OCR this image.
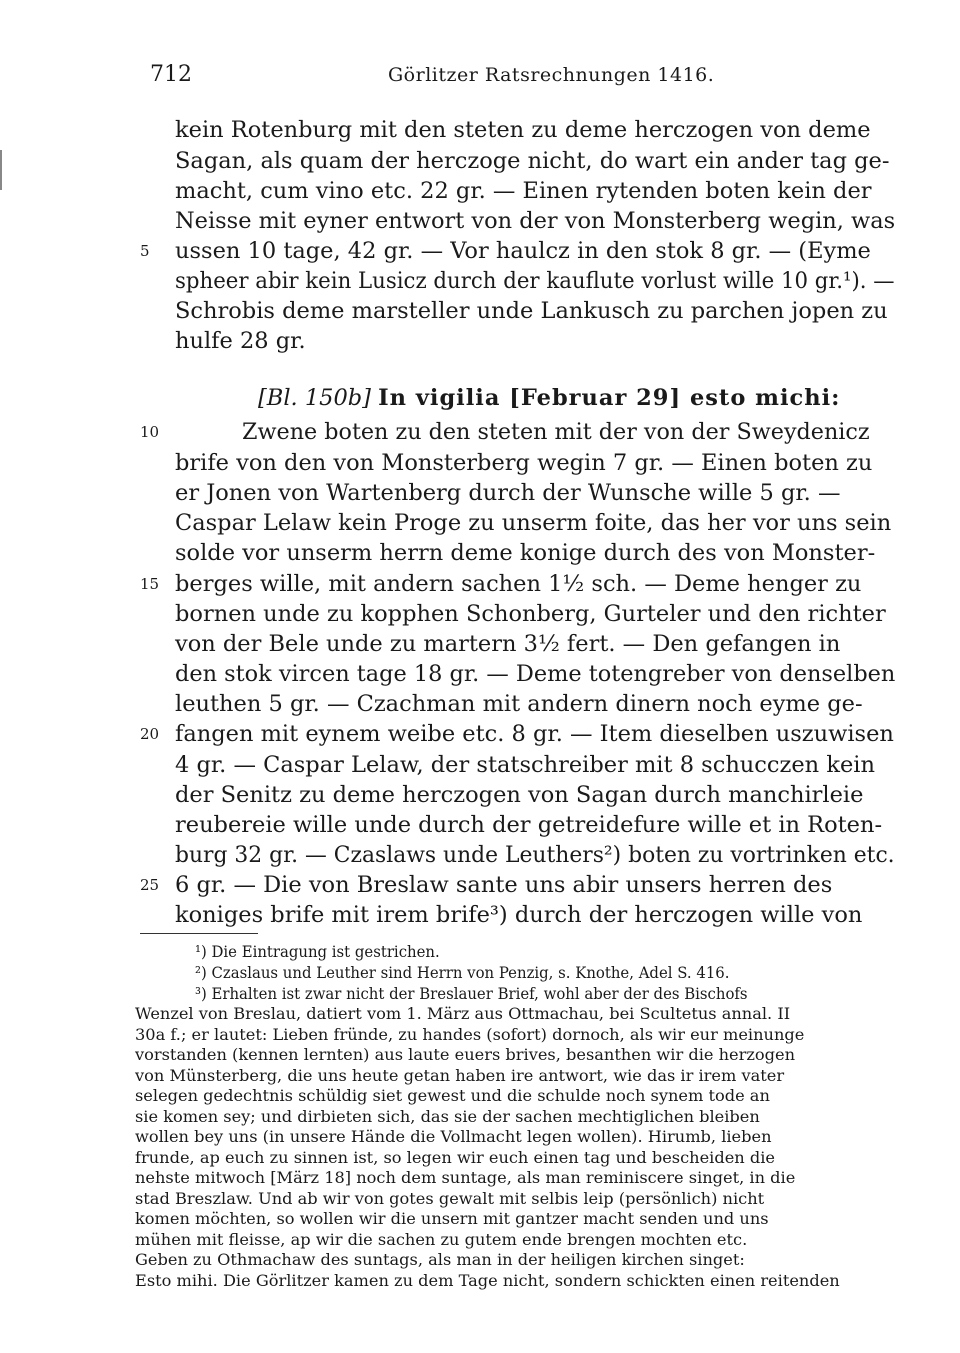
712	Görlitzer Ratsrechnungen 1416.
kein Rotenburg mit den steten zu deme herczogen von deme
Sagan, als quam der herczoge nicht, do wart ein ander tag ge-
macht, cum vino etc. 22 gr. — Einen rytenden boten kein der
Neisse mit eyner entwort von der von Monsterberg wegin, was
5	ussen 10 tage, 42 gr. — Vor haulcz in den stok 8 gr. — (Eyme
spheer abir kein Lusicz durch der kauflute vorlust wille 10 gr.¹). —
Schrobis deme marsteller unde Lankusch zu parchen jopen zu
hulfe 28 gr.
[Bl. 150b] In vigilia [Februar 29] esto michi:
10	Zwene boten zu den steten mit der von der Sweydenicz
brife von den von Monsterberg wegin 7 gr. — Einen boten zu
er Jonen von Wartenberg durch der Wunsche wille 5 gr. —
Caspar Lelaw kein Proge zu unserm foite, das her vor uns sein
solde vor unserm herrn deme konige durch des von Monster-
15 berges wille, mit andern sachen 1½ sch. — Deme henger zu
bornen unde zu kopphen Schonberg, Gurteler und den richter
von der Bele unde zu martern 3½ fert. — Den gefangen in
den stok vircen tage 18 gr. — Deme totengreber von denselben
leuthen 5 gr. — Czachman mit andern dinern noch eyme ge-
20 fangen mit eynem weibe etc. 8 gr. — Item dieselben uszuwisen
4 gr. — Caspar Lelaw, der statschreiber mit 8 schucczen kein
der Senitz zu deme herczogen von Sagan durch manchirleie
reubereie wille unde durch der getreidefure wille et in Roten-
burg 32 gr. — Czaslaws unde Leuthers²) boten zu vortrinken etc.
25 6 gr. — Die von Breslaw sante uns abir unsers herren des
koniges brife mit irem brife³) durch der herczogen wille von
¹) Die Eintragung ist gestrichen.
²) Czaslaus und Leuther sind Herrn von Penzig, s. Knothe, Adel S. 416.
³) Erhalten ist zwar nicht der Breslauer Brief, wohl aber der des Bischofs
Wenzel von Breslau, datiert vom 1. März aus Ottmachau, bei Scultetus annal. II
30a f.; er lautet: Lieben fründe, zu handes (sofort) dornoch, als wir eur meinunge
vorstanden (kennen lernten) aus laute euers brives, besanthen wir die herzogen
von Münsterberg, die uns heute getan haben ire antwort, wie das ir irem vater
selegen gedechtnis schüldig siet gewest und die schulde noch synem tode an
sie komen sey; und dirbieten sich, das sie der sachen mechtiglichen bleiben
wollen bey uns (in unsere Hände die Vollmacht legen wollen). Hirumb, lieben
frunde, ap euch zu sinnen ist, so legen wir euch einen tag und bescheiden die
nehste mitwoch [März 18] noch dem suntage, als man reminiscere singet, in die
stad Breszlaw. Und ab wir von gotes gewalt mit selbis leip (persönlich) nicht
komen möchten, so wollen wir die unsern mit gantzer macht senden und uns
mühen mit fleisse, ap wir die sachen zu gutem ende brengen mochten etc.
Geben zu Othmachaw des suntags, als man in der heiligen kirchen singet:
Esto mihi. Die Görlitzer kamen zu dem Tage nicht, sondern schickten einen reitenden
